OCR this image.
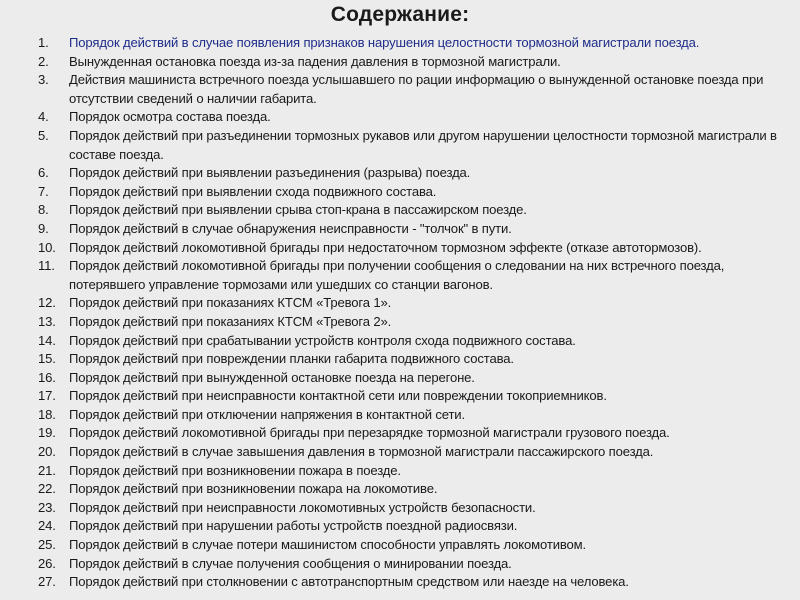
Содержание:
1. Порядок действий в случае появления признаков нарушения целостности тормозной магистрали поезда.
2. Вынужденная остановка поезда из-за падения давления в тормозной магистрали.
3. Действия машиниста встречного поезда услышавшего по рации информацию о вынужденной остановке поезда при отсутствии сведений о наличии габарита.
4. Порядок осмотра состава поезда.
5. Порядок действий при разъединении тормозных рукавов или другом нарушении целостности тормозной магистрали в составе поезда.
6. Порядок действий при выявлении разъединения (разрыва) поезда.
7. Порядок действий при выявлении схода подвижного состава.
8. Порядок действий при выявлении срыва стоп-крана в пассажирском поезде.
9. Порядок действий в случае обнаружения неисправности - "толчок" в пути.
10. Порядок действий локомотивной бригады при недостаточном тормозном эффекте (отказе автотормозов).
11. Порядок действий локомотивной бригады при получении сообщения о следовании на них встречного поезда, потерявшего управление тормозами или ушедших со станции вагонов.
12. Порядок действий при показаниях КТСМ «Тревога 1».
13. Порядок действий при показаниях КТСМ «Тревога 2».
14. Порядок действий при срабатывании устройств контроля схода подвижного состава.
15. Порядок действий при повреждении планки габарита подвижного состава.
16. Порядок действий при вынужденной остановке поезда на перегоне.
17. Порядок действий при неисправности контактной сети или повреждении токоприемников.
18. Порядок действий при отключении напряжения в контактной сети.
19. Порядок действий локомотивной бригады при перезарядке тормозной магистрали грузового поезда.
20. Порядок действий в случае завышения давления в тормозной магистрали пассажирского поезда.
21. Порядок действий при возникновении пожара в поезде.
22. Порядок действий при возникновении пожара на локомотиве.
23. Порядок действий при неисправности локомотивных устройств безопасности.
24. Порядок действий при нарушении работы устройств поездной радиосвязи.
25. Порядок действий в случае потери машинистом способности управлять локомотивом.
26. Порядок действий в случае получения сообщения о минировании поезда.
27. Порядок действий при столкновении с автотранспортным средством или наезде на человека.
